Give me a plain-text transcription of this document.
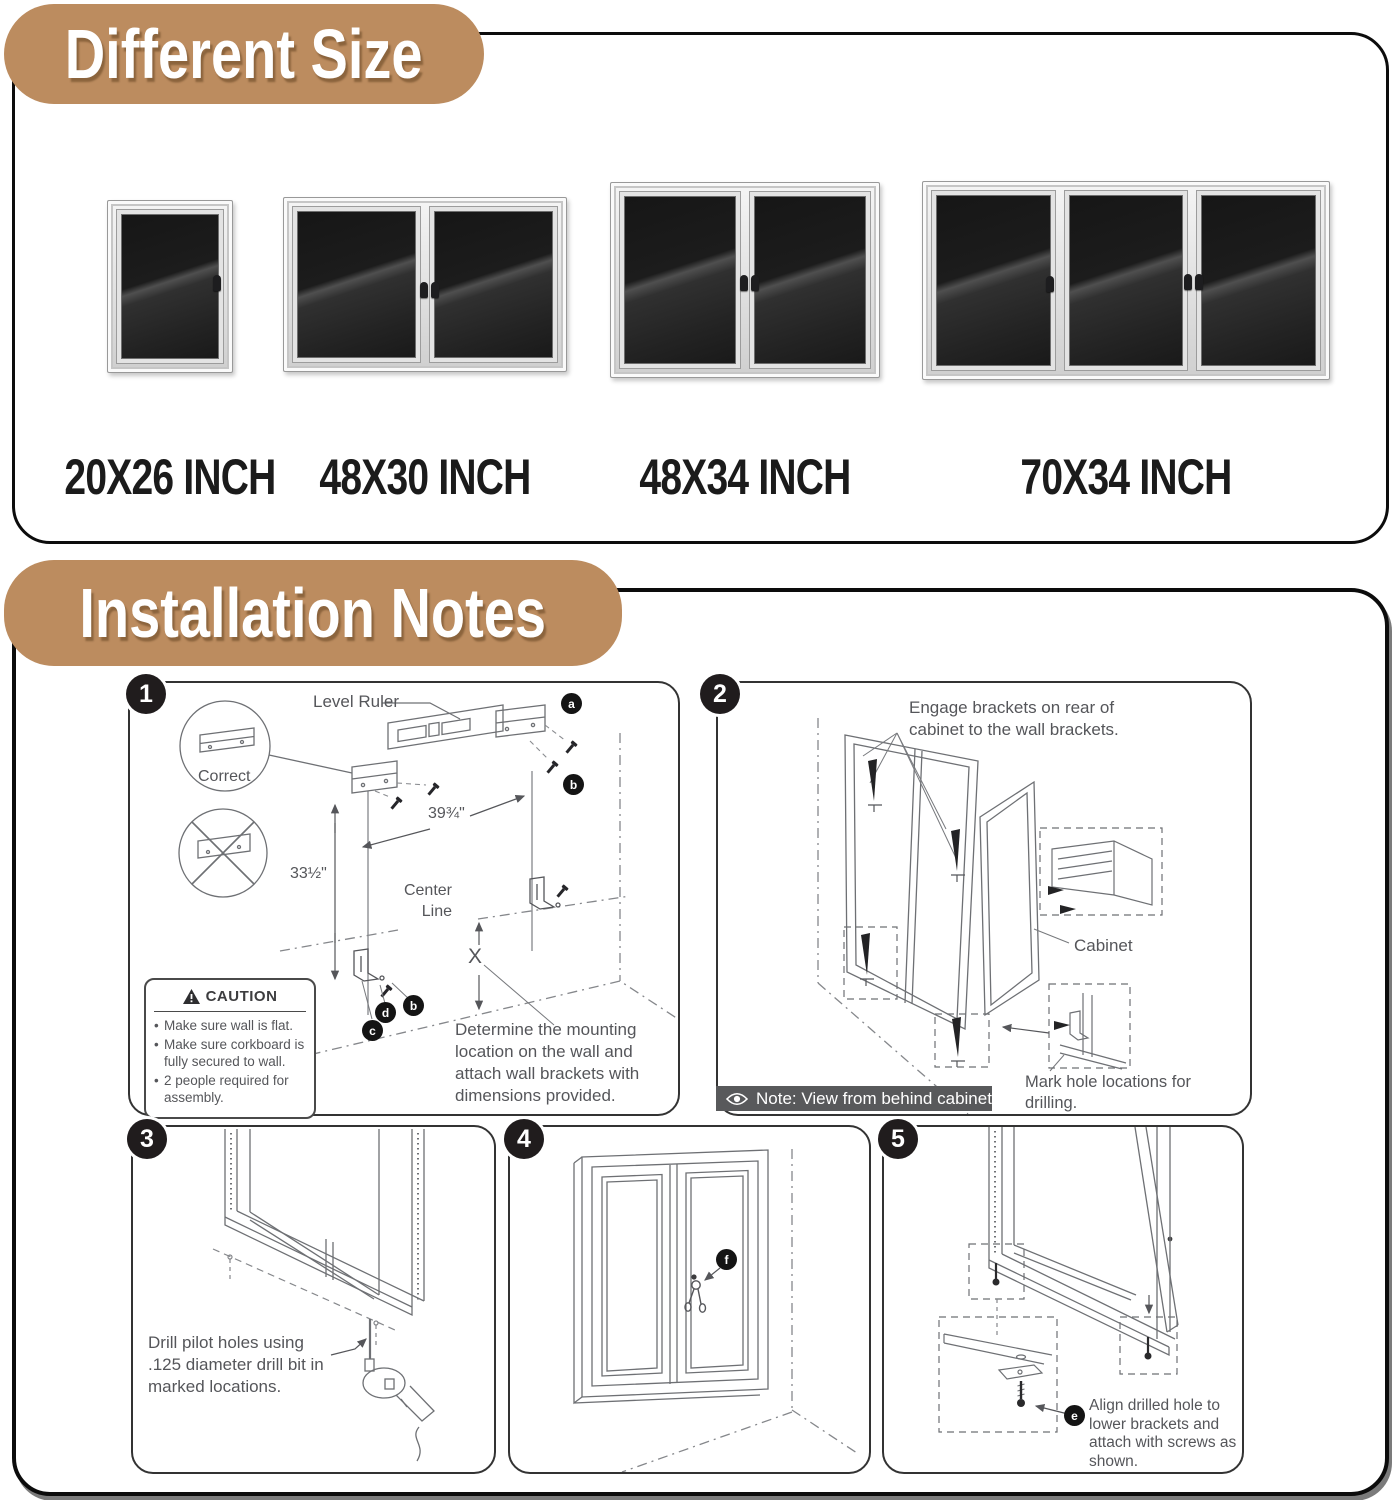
Different Size
20X26 INCH 48X30 INCH 48X34 INCH	70X34 INCH
Installation Notes
Level Ruler
Correct
39¾"
33½"
Center Line
X
a
b
c
d	b
CAUTION
• Make sure wall is flat.
• Make sure corkboard is fully secured to wall.
• 2 people required for assembly.
Determine the mounting location on the wall and attach wall brackets with dimensions provided.
1	Engage brackets on rear of cabinet to the wall brackets.
Cabinet
Mark hole locations for drilling.
Note: View from behind cabinet
2
Drill pilot holes using .125 diameter drill bit in marked locations.
3
f
4
e
Align drilled hole to lower brackets and attach with screws as shown.
5
